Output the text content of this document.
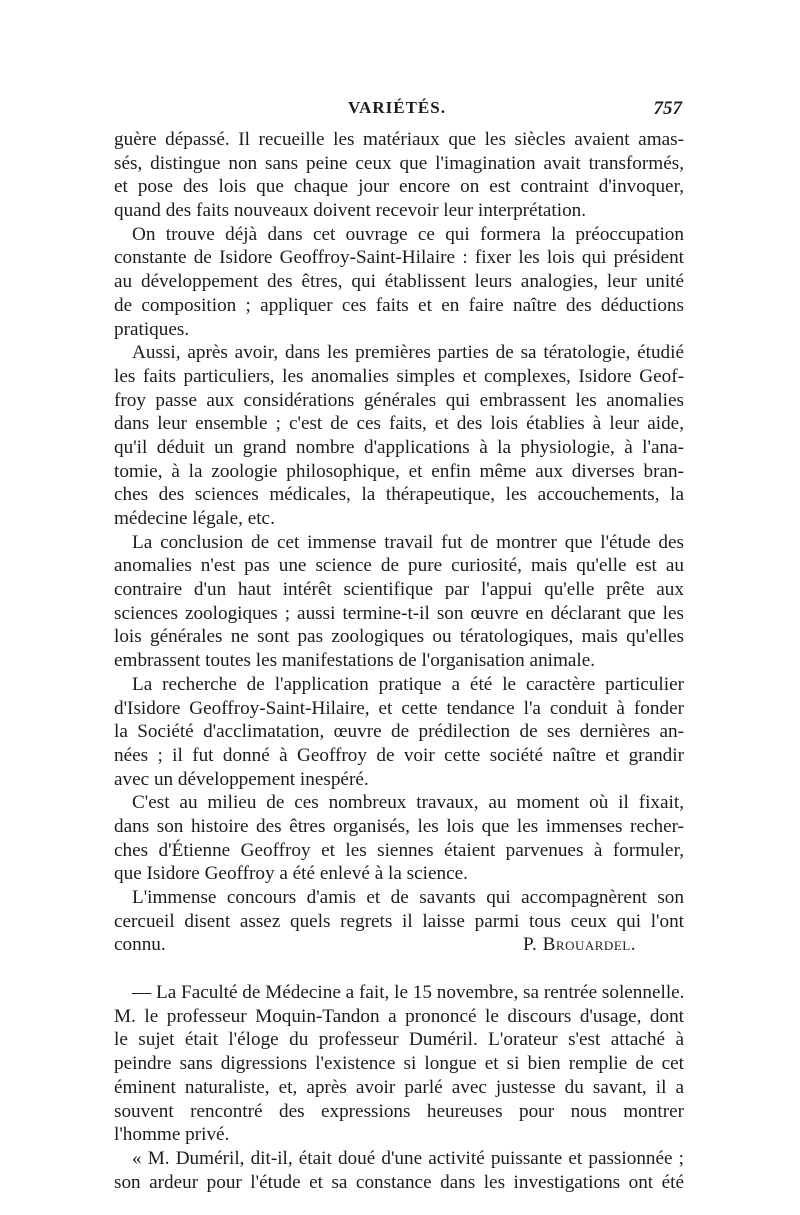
VARIÉTÉS.	757
guère dépassé. Il recueille les matériaux que les siècles avaient amas-
sés, distingue non sans peine ceux que l'imagination avait transformés,
et pose des lois que chaque jour encore on est contraint d'invoquer,
quand des faits nouveaux doivent recevoir leur interprétation.
On trouve déjà dans cet ouvrage ce qui formera la préoccupation
constante de Isidore Geoffroy-Saint-Hilaire : fixer les lois qui président
au développement des êtres, qui établissent leurs analogies, leur unité
de composition ; appliquer ces faits et en faire naître des déductions
pratiques.
Aussi, après avoir, dans les premières parties de sa tératologie, étudié
les faits particuliers, les anomalies simples et complexes, Isidore Geof-
froy passe aux considérations générales qui embrassent les anomalies
dans leur ensemble ; c'est de ces faits, et des lois établies à leur aide,
qu'il déduit un grand nombre d'applications à la physiologie, à l'ana-
tomie, à la zoologie philosophique, et enfin même aux diverses bran-
ches des sciences médicales, la thérapeutique, les accouchements, la
médecine légale, etc.
La conclusion de cet immense travail fut de montrer que l'étude des
anomalies n'est pas une science de pure curiosité, mais qu'elle est au
contraire d'un haut intérêt scientifique par l'appui qu'elle prête aux
sciences zoologiques ; aussi termine-t-il son œuvre en déclarant que les
lois générales ne sont pas zoologiques ou tératologiques, mais qu'elles
embrassent toutes les manifestations de l'organisation animale.
La recherche de l'application pratique a été le caractère particulier
d'Isidore Geoffroy-Saint-Hilaire, et cette tendance l'a conduit à fonder
la Société d'acclimatation, œuvre de prédilection de ses dernières an-
nées ; il fut donné à Geoffroy de voir cette société naître et grandir
avec un développement inespéré.
C'est au milieu de ces nombreux travaux, au moment où il fixait,
dans son histoire des êtres organisés, les lois que les immenses recher-
ches d'Étienne Geoffroy et les siennes étaient parvenues à formuler,
que Isidore Geoffroy a été enlevé à la science.
L'immense concours d'amis et de savants qui accompagnèrent son
cercueil disent assez quels regrets il laisse parmi tous ceux qui l'ont
connu.	P. Brouardel.
— La Faculté de Médecine a fait, le 15 novembre, sa rentrée solennelle.
M. le professeur Moquin-Tandon a prononcé le discours d'usage, dont
le sujet était l'éloge du professeur Duméril. L'orateur s'est attaché à
peindre sans digressions l'existence si longue et si bien remplie de cet
éminent naturaliste, et, après avoir parlé avec justesse du savant, il a
souvent rencontré des expressions heureuses pour nous montrer
l'homme privé.
« M. Duméril, dit-il, était doué d'une activité puissante et passionnée ;
son ardeur pour l'étude et sa constance dans les investigations ont été
